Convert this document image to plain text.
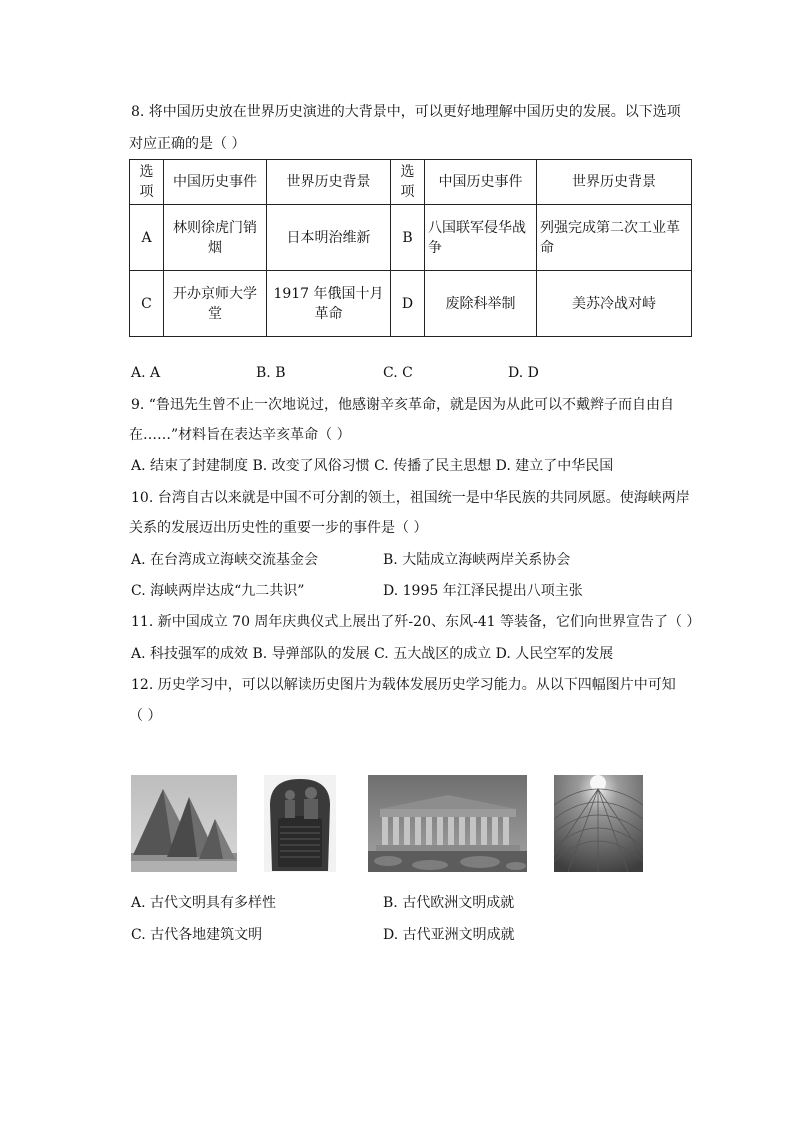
8. 将中国历史放在世界历史演进的大背景中，可以更好地理解中国历史的发展。以下选项
对应正确的是（ ）
选项	中国历史事件	世界历史背景	选项	中国历史事件	世界历史背景
A	林则徐虎门销烟	日本明治维新	B	八国联军侵华战争	列强完成第二次工业革命
C	开办京师大学堂	1917 年俄国十月革命	D	废除科举制	美苏冷战对峙
A. A	B. B	C. C	D. D
9. “鲁迅先生曾不止一次地说过，他感谢辛亥革命，就是因为从此可以不戴辫子而自由自
在……”材料旨在表达辛亥革命（ ）
A. 结束了封建制度 B. 改变了风俗习惯 C. 传播了民主思想 D. 建立了中华民国
10. 台湾自古以来就是中国不可分割的领土，祖国统一是中华民族的共同夙愿。使海峡两岸
关系的发展迈出历史性的重要一步的事件是（ ）
A. 在台湾成立海峡交流基金会	B. 大陆成立海峡两岸关系协会
C. 海峡两岸达成“九二共识”	D. 1995 年江泽民提出八项主张
11. 新中国成立 70 周年庆典仪式上展出了歼-20、东风-41 等装备，它们向世界宣告了（ ）
A. 科技强军的成效 B. 导弹部队的发展 C. 五大战区的成立 D. 人民空军的发展
12. 历史学习中，可以以解读历史图片为载体发展历史学习能力。从以下四幅图片中可知
（ ）
A. 古代文明具有多样性	B. 古代欧洲文明成就
C. 古代各地建筑文明	D. 古代亚洲文明成就
